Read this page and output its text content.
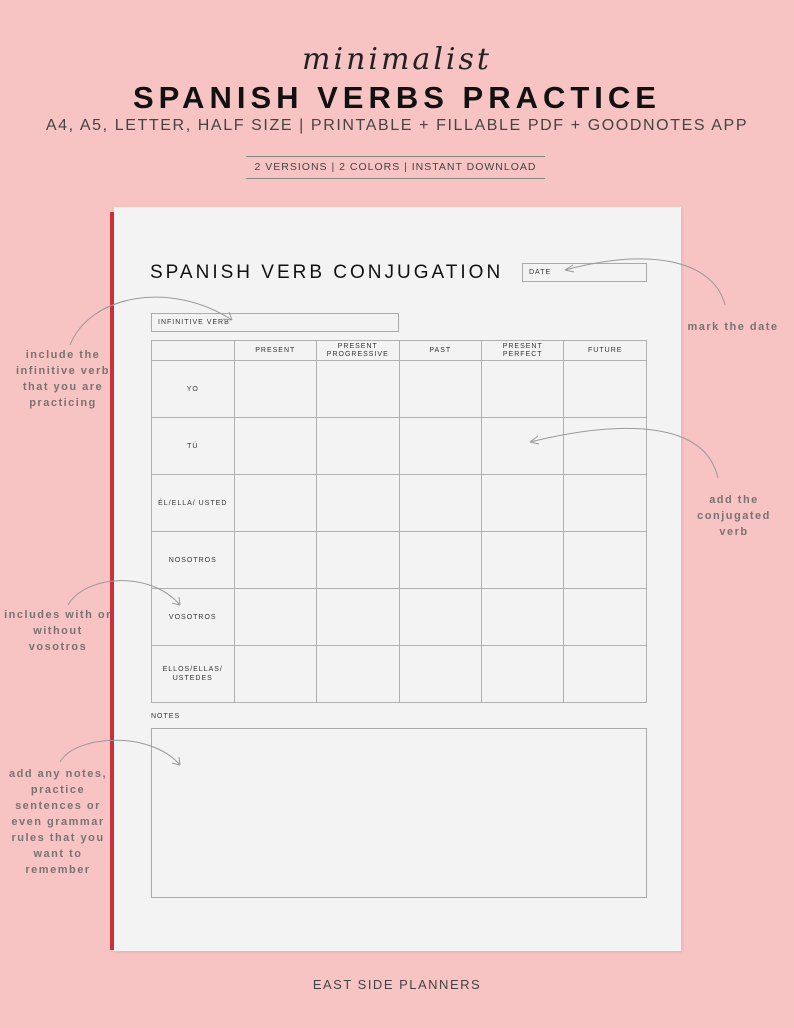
minimalist
SPANISH VERBS PRACTICE
A4, A5, LETTER, HALF SIZE | PRINTABLE + FILLABLE PDF + GOODNOTES APP
2 VERSIONS | 2 COLORS | INSTANT DOWNLOAD
SPANISH VERB CONJUGATION	DATE
INFINITIVE VERB
	PRESENT	PRESENT PROGRESSIVE	PAST	PRESENT PERFECT	FUTURE
YO					
TÚ					
ÉL/ELLA/ USTED					
NOSOTROS					
VOSOTROS					
ELLOS/ELLAS/ USTEDES					
NOTES
mark the date
include the infinitive verb that you are practicing
add the conjugated verb
includes with or without vosotros
add any notes, practice sentences or even grammar rules that you want to remember
EAST SIDE PLANNERS
